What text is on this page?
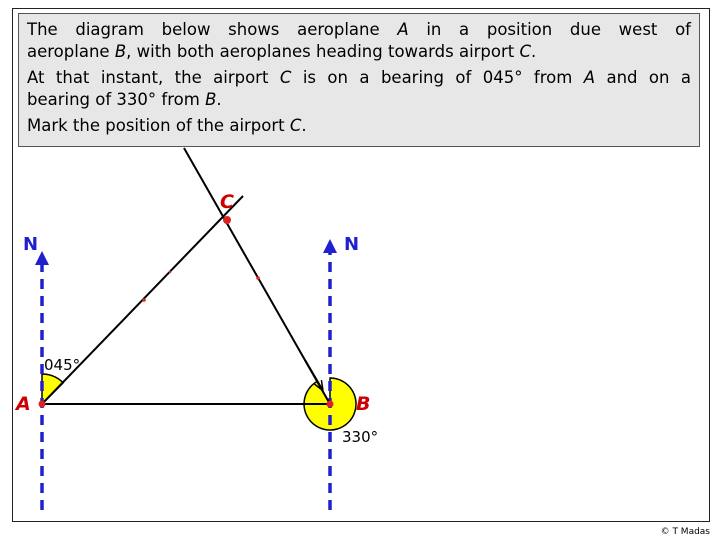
The diagram below shows aeroplane A in a position due west of

aeroplane B, with both aeroplanes heading towards airport C.

At that instant, the airport C is on a bearing of 045° from A and on a

bearing of 330° from B.

Mark the position of the airport C.

N	N
C
A	B
045°
330°
© T Madas
